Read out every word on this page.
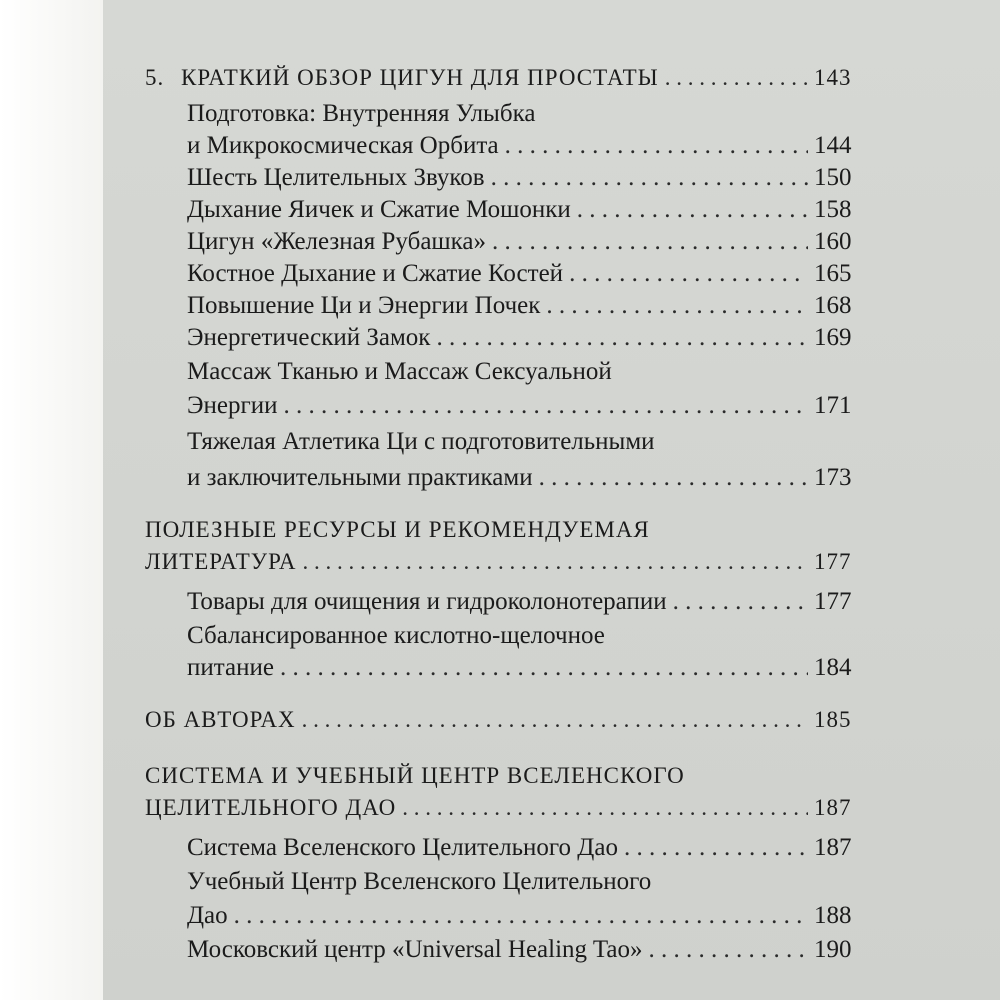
5. КРАТКИЙ ОБЗОР ЦИГУН ДЛЯ ПРОСТАТЫ . . .	143
Подготовка: Внутренняя Улыбка
и Микрокосмическая Орбита . . .	144
Шесть Целительных Звуков . . .	150
Дыхание Яичек и Сжатие Мошонки . . .	158
Цигун «Железная Рубашка» . . .	160
Костное Дыхание и Сжатие Костей . . .	165
Повышение Ци и Энергии Почек . . .	168
Энергетический Замок . . .	169
Массаж Тканью и Массаж Сексуальной
Энергии . . .	171
Тяжелая Атлетика Ци с подготовительными
и заключительными практиками . . .	173
ПОЛЕЗНЫЕ РЕСУРСЫ И РЕКОМЕНДУЕМАЯ
ЛИТЕРАТУРА . . .	177
Товары для очищения и гидроколонотерапии . . .	177
Сбалансированное кислотно-щелочное
питание . . .	184
ОБ АВТОРАХ . . .	185
СИСТЕМА И УЧЕБНЫЙ ЦЕНТР ВСЕЛЕНСКОГО
ЦЕЛИТЕЛЬНОГО ДАО . . .	187
Система Вселенского Целительного Дао . . .	187
Учебный Центр Вселенского Целительного
Дао . . .	188
Московский центр «Universal Healing Tao» . . .	190
